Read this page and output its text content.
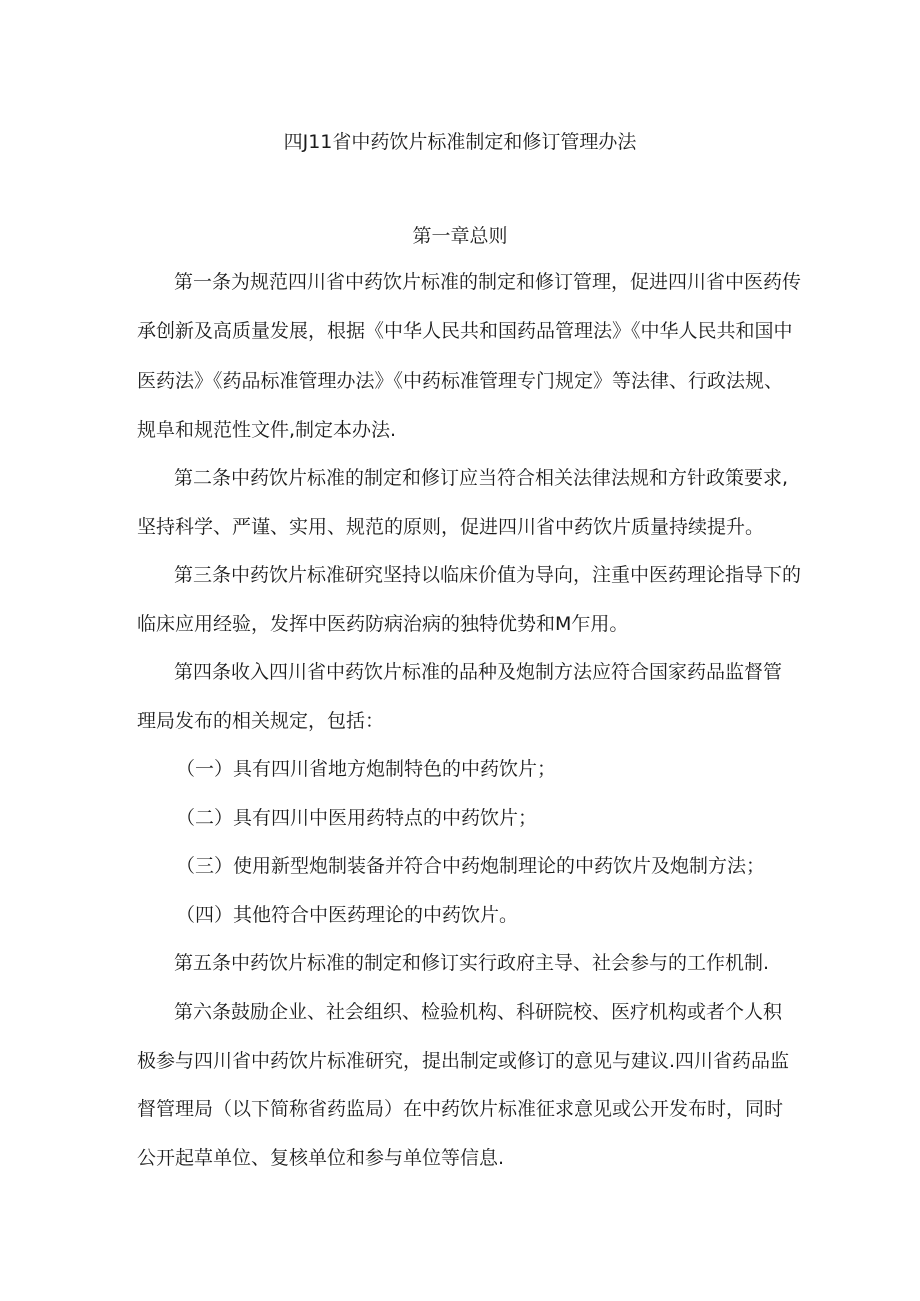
四J11省中药饮片标准制定和修订管理办法
第一章总则
第一条为规范四川省中药饮片标准的制定和修订管理，促进四川省中医药传
承创新及高质量发展，根据《中华人民共和国药品管理法》《中华人民共和国中
医药法》《药品标准管理办法》《中药标准管理专门规定》等法律、行政法规、
规阜和规范性文件,制定本办法.
第二条中药饮片标准的制定和修订应当符合相关法律法规和方针政策要求,
坚持科学、严谨、实用、规范的原则，促进四川省中药饮片质量持续提升。
第三条中药饮片标准研究坚持以临床价值为导向，注重中医药理论指导下的
临床应用经验，发挥中医药防病治病的独特优势和M乍用。
第四条收入四川省中药饮片标准的品种及炮制方法应符合国家药品监督管
理局发布的相关规定，包括：
（一）具有四川省地方炮制特色的中药饮片；
（二）具有四川中医用药特点的中药饮片；
（三）使用新型炮制装备并符合中药炮制理论的中药饮片及炮制方法；
（四）其他符合中医药理论的中药饮片。
第五条中药饮片标准的制定和修订实行政府主导、社会参与的工作机制.
第六条鼓励企业、社会组织、检验机构、科研院校、医疗机构或者个人积
极参与四川省中药饮片标准研究，提出制定或修订的意见与建议.四川省药品监
督管理局（以下简称省药监局）在中药饮片标准征求意见或公开发布时，同时
公开起草单位、复核单位和参与单位等信息.
